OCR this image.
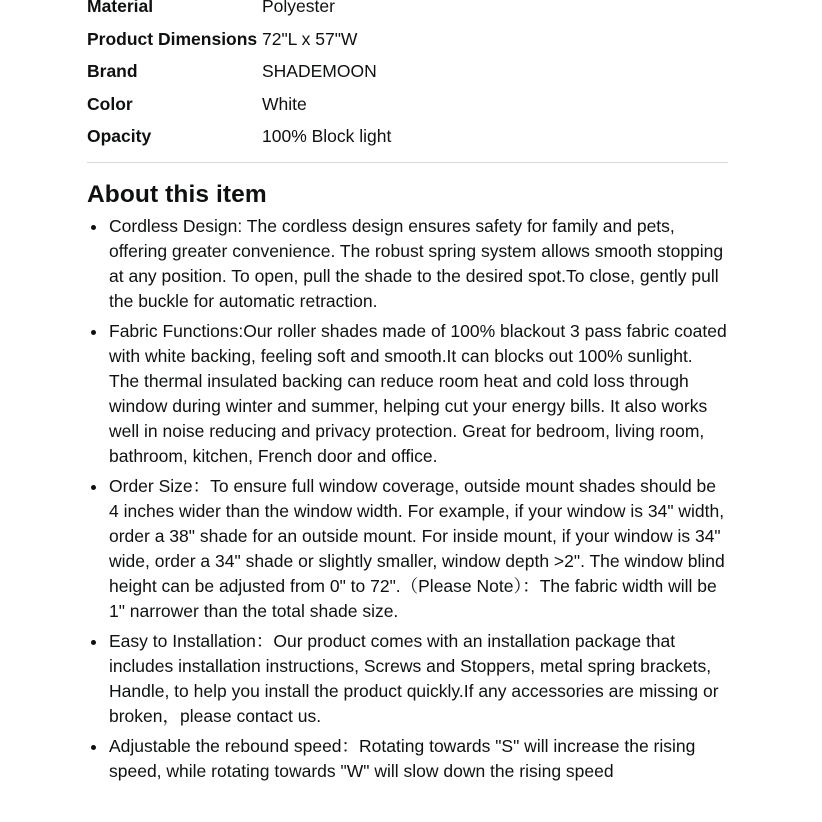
Material	Polyester
Product Dimensions	72"L x 57"W
Brand	SHADEMOON
Color	White
Opacity	100% Block light
About this item
Cordless Design: The cordless design ensures safety for family and pets, offering greater convenience. The robust spring system allows smooth stopping at any position. To open, pull the shade to the desired spot.To close, gently pull the buckle for automatic retraction.
Fabric Functions:Our roller shades made of 100% blackout 3 pass fabric coated with white backing, feeling soft and smooth.It can blocks out 100% sunlight. The thermal insulated backing can reduce room heat and cold loss through window during winter and summer, helping cut your energy bills. It also works well in noise reducing and privacy protection. Great for bedroom, living room, bathroom, kitchen, French door and office.
Order Size：To ensure full window coverage, outside mount shades should be 4 inches wider than the window width. For example, if your window is 34" width, order a 38" shade for an outside mount. For inside mount, if your window is 34" wide, order a 34" shade or slightly smaller, window depth >2". The window blind height can be adjusted from 0" to 72".（Please Note）：The fabric width will be 1" narrower than the total shade size.
Easy to Installation：Our product comes with an installation package that includes installation instructions, Screws and Stoppers, metal spring brackets, Handle, to help you install the product quickly.If any accessories are missing or broken，please contact us.
Adjustable the rebound speed：Rotating towards "S" will increase the rising speed, while rotating towards "W" will slow down the rising speed
